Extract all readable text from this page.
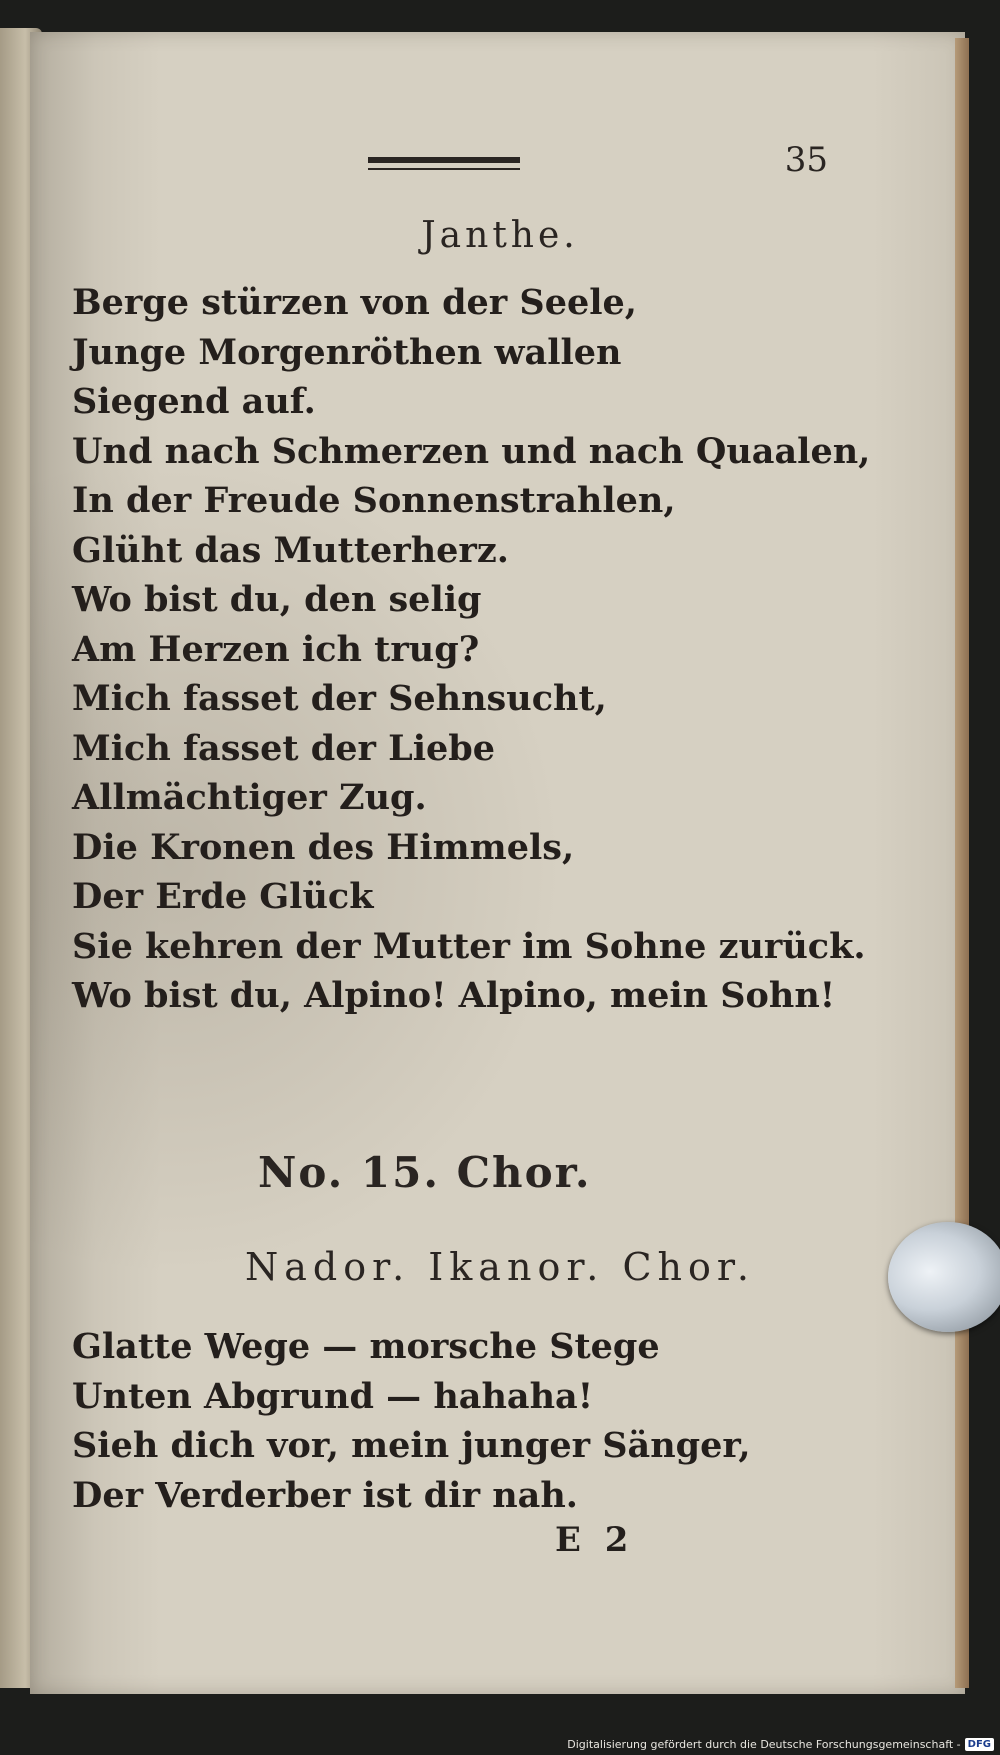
35
Janthe.
Berge stürzen von der Seele,
Junge Morgenröthen wallen
Siegend auf.
Und nach Schmerzen und nach Quaalen,
In der Freude Sonnenstrahlen,
Glüht das Mutterherz.
Wo bist du, den selig
Am Herzen ich trug?
Mich fasset der Sehnsucht,
Mich fasset der Liebe
Allmächtiger Zug.
Die Kronen des Himmels,
Der Erde Glück
Sie kehren der Mutter im Sohne zurück.
Wo bist du, Alpino! Alpino, mein Sohn!
No. 15. Chor.
Nador. Ikanor. Chor.
Glatte Wege — morsche Stege
Unten Abgrund — hahaha!
Sieh dich vor, mein junger Sänger,
Der Verderber ist dir nah.
E 2
Digitalisierung gefördert durch die Deutsche Forschungsgemeinschaft - DFG
